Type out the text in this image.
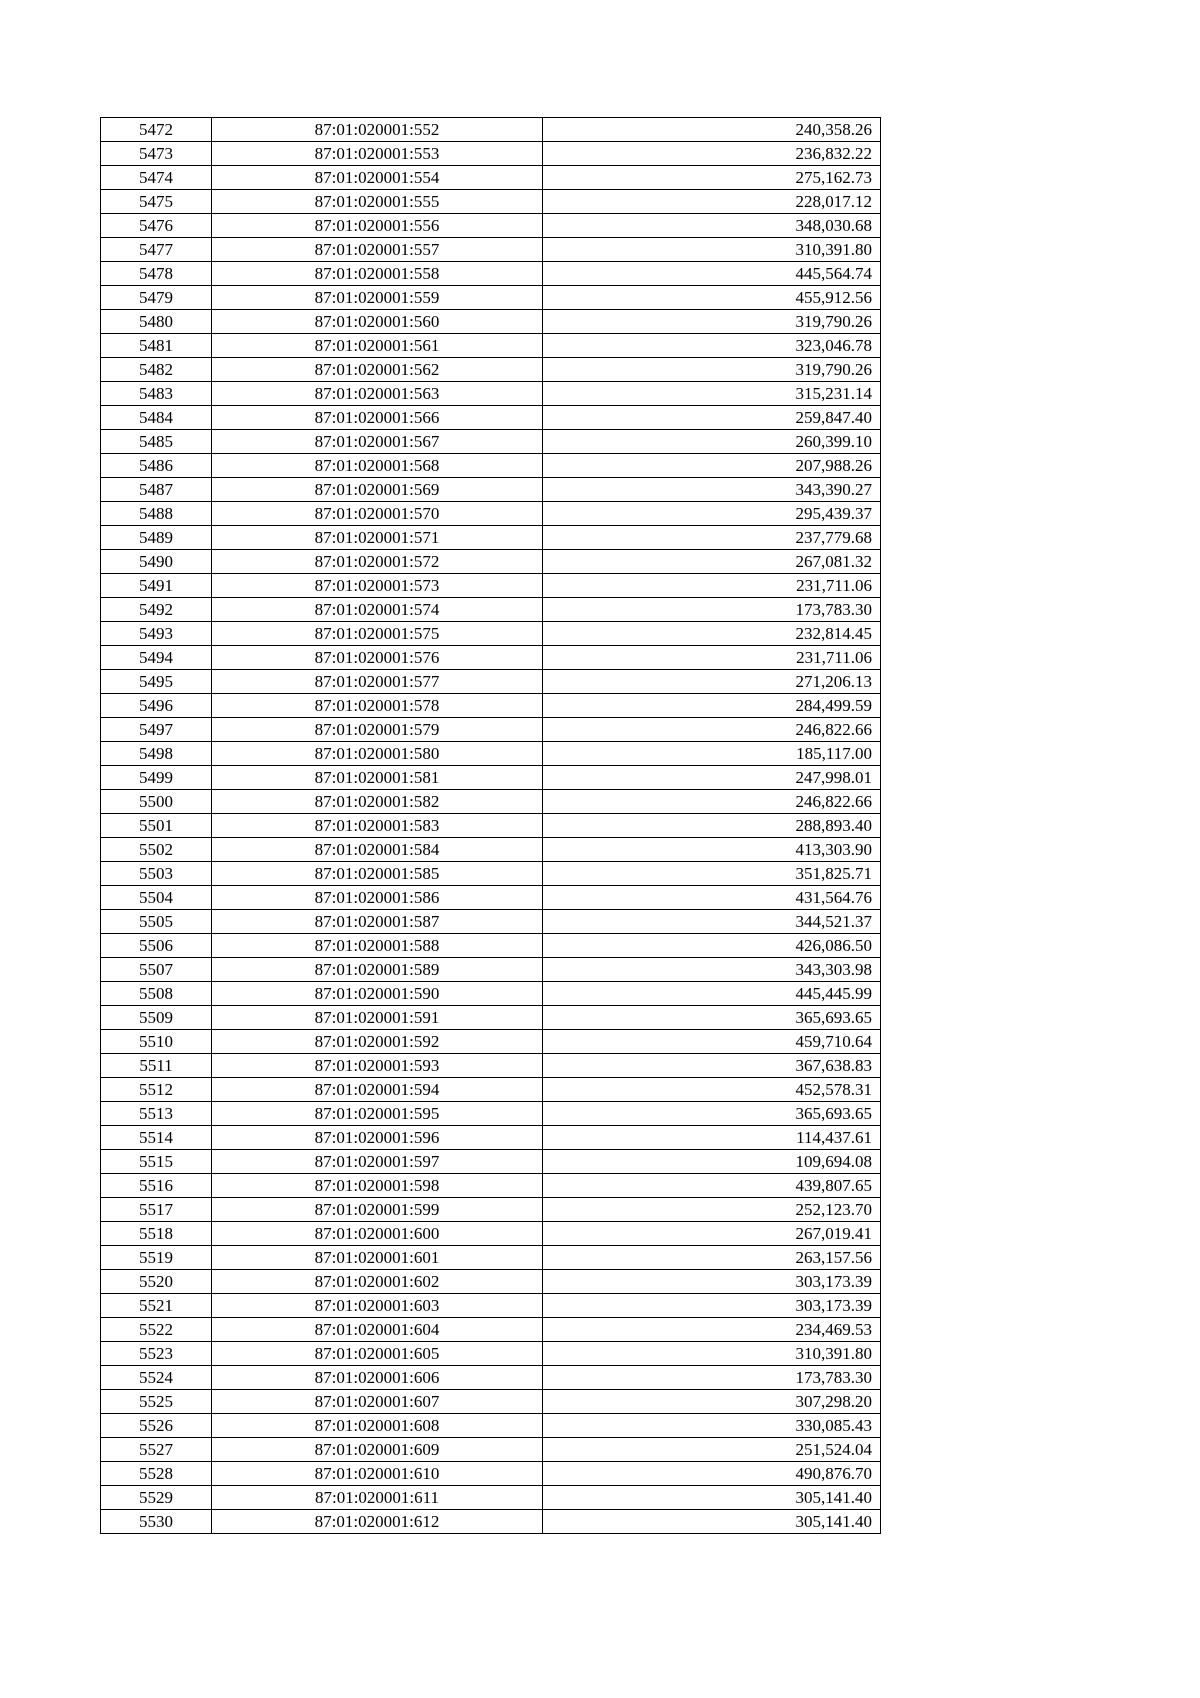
5472	87:01:020001:552	240,358.26
5473	87:01:020001:553	236,832.22
5474	87:01:020001:554	275,162.73
5475	87:01:020001:555	228,017.12
5476	87:01:020001:556	348,030.68
5477	87:01:020001:557	310,391.80
5478	87:01:020001:558	445,564.74
5479	87:01:020001:559	455,912.56
5480	87:01:020001:560	319,790.26
5481	87:01:020001:561	323,046.78
5482	87:01:020001:562	319,790.26
5483	87:01:020001:563	315,231.14
5484	87:01:020001:566	259,847.40
5485	87:01:020001:567	260,399.10
5486	87:01:020001:568	207,988.26
5487	87:01:020001:569	343,390.27
5488	87:01:020001:570	295,439.37
5489	87:01:020001:571	237,779.68
5490	87:01:020001:572	267,081.32
5491	87:01:020001:573	231,711.06
5492	87:01:020001:574	173,783.30
5493	87:01:020001:575	232,814.45
5494	87:01:020001:576	231,711.06
5495	87:01:020001:577	271,206.13
5496	87:01:020001:578	284,499.59
5497	87:01:020001:579	246,822.66
5498	87:01:020001:580	185,117.00
5499	87:01:020001:581	247,998.01
5500	87:01:020001:582	246,822.66
5501	87:01:020001:583	288,893.40
5502	87:01:020001:584	413,303.90
5503	87:01:020001:585	351,825.71
5504	87:01:020001:586	431,564.76
5505	87:01:020001:587	344,521.37
5506	87:01:020001:588	426,086.50
5507	87:01:020001:589	343,303.98
5508	87:01:020001:590	445,445.99
5509	87:01:020001:591	365,693.65
5510	87:01:020001:592	459,710.64
5511	87:01:020001:593	367,638.83
5512	87:01:020001:594	452,578.31
5513	87:01:020001:595	365,693.65
5514	87:01:020001:596	114,437.61
5515	87:01:020001:597	109,694.08
5516	87:01:020001:598	439,807.65
5517	87:01:020001:599	252,123.70
5518	87:01:020001:600	267,019.41
5519	87:01:020001:601	263,157.56
5520	87:01:020001:602	303,173.39
5521	87:01:020001:603	303,173.39
5522	87:01:020001:604	234,469.53
5523	87:01:020001:605	310,391.80
5524	87:01:020001:606	173,783.30
5525	87:01:020001:607	307,298.20
5526	87:01:020001:608	330,085.43
5527	87:01:020001:609	251,524.04
5528	87:01:020001:610	490,876.70
5529	87:01:020001:611	305,141.40
5530	87:01:020001:612	305,141.40
